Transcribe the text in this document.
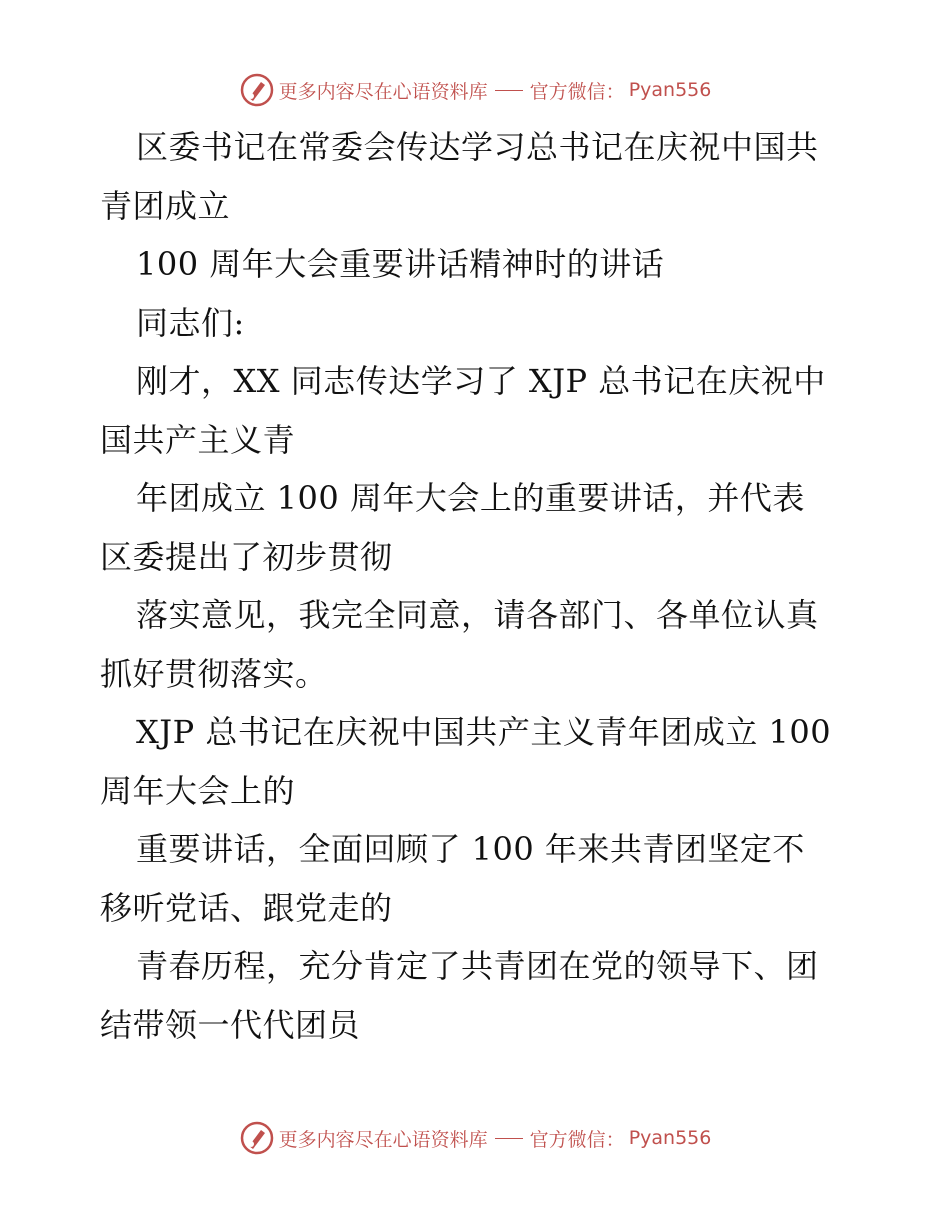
更多内容尽在心语资料库 官方微信： Pyan556
区委书记在常委会传达学习总书记在庆祝中国共
青团成立
100 周年大会重要讲话精神时的讲话
同志们:
刚才，XX 同志传达学习了 XJP 总书记在庆祝中
国共产主义青
年团成立 100 周年大会上的重要讲话，并代表
区委提出了初步贯彻
落实意见，我完全同意，请各部门、各单位认真
抓好贯彻落实。
XJP 总书记在庆祝中国共产主义青年团成立 100
周年大会上的
重要讲话，全面回顾了 100 年来共青团坚定不
移听党话、跟党走的
青春历程，充分肯定了共青团在党的领导下、团
结带领一代代团员
更多内容尽在心语资料库 官方微信： Pyan556
